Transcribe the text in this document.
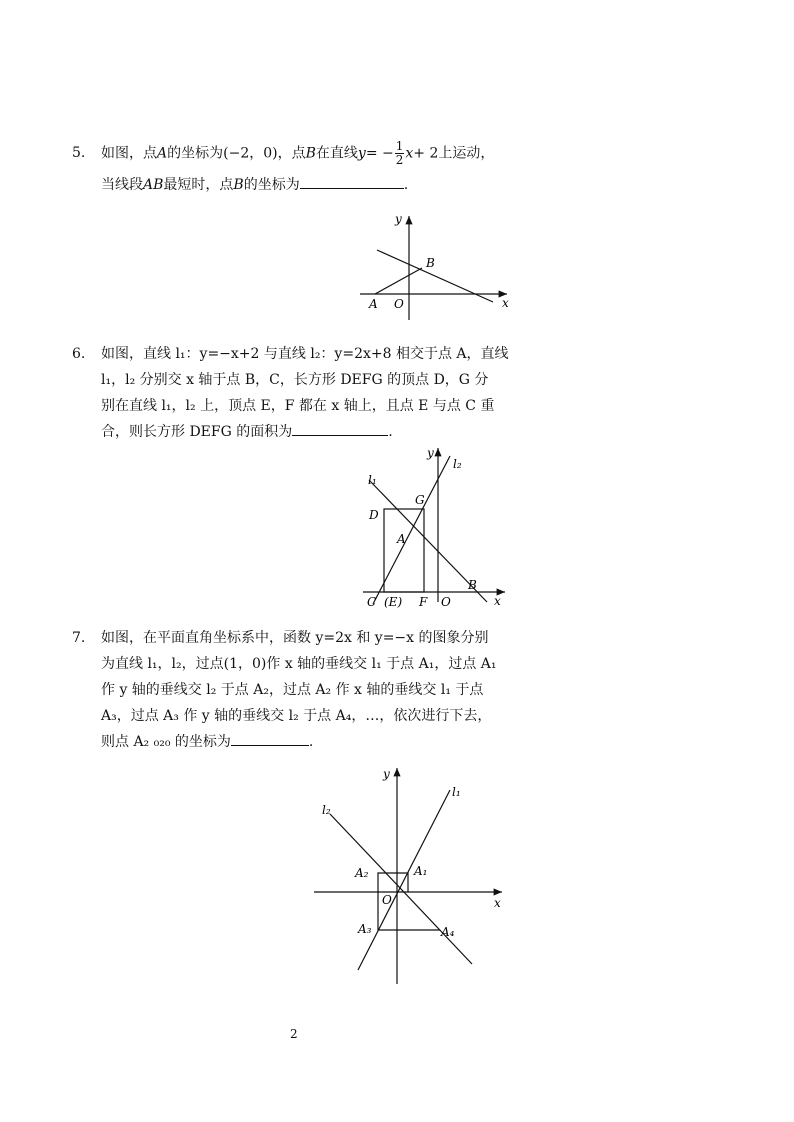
5.	如图，点A的坐标为(−2，0)，点B在直线$y= - \frac{1}{2} x+ 2$上运动，
当线段AB最短时，点B的坐标为	.
y
x
A O
B
6.	如图，直线 l₁：y=−x+2 与直线 l₂：y=2x+8 相交于点 A，直线
l₁，l₂ 分别交 x 轴于点 B，C，长方形 DEFG 的顶点 D，G 分
别在直线 l₁，l₂ 上，顶点 E，F 都在 x 轴上，且点 E 与点 C 重
合，则长方形 DEFG 的面积为	.
y
l₂
l₁
G
D
A
B
C (E) F O	x
7.	如图，在平面直角坐标系中，函数 y=2x 和 y=−x 的图象分别
为直线 l₁，l₂，过点(1，0)作 x 轴的垂线交 l₁ 于点 A₁，过点 A₁
作 y 轴的垂线交 l₂ 于点 A₂，过点 A₂ 作 x 轴的垂线交 l₁ 于点
A₃，过点 A₃ 作 y 轴的垂线交 l₂ 于点 A₄，…，依次进行下去，
则点 A₂ ₀₂₀ 的坐标为	.
y
l₁
l₂
A₂	A₁
O	x
A₃	A₄
2
